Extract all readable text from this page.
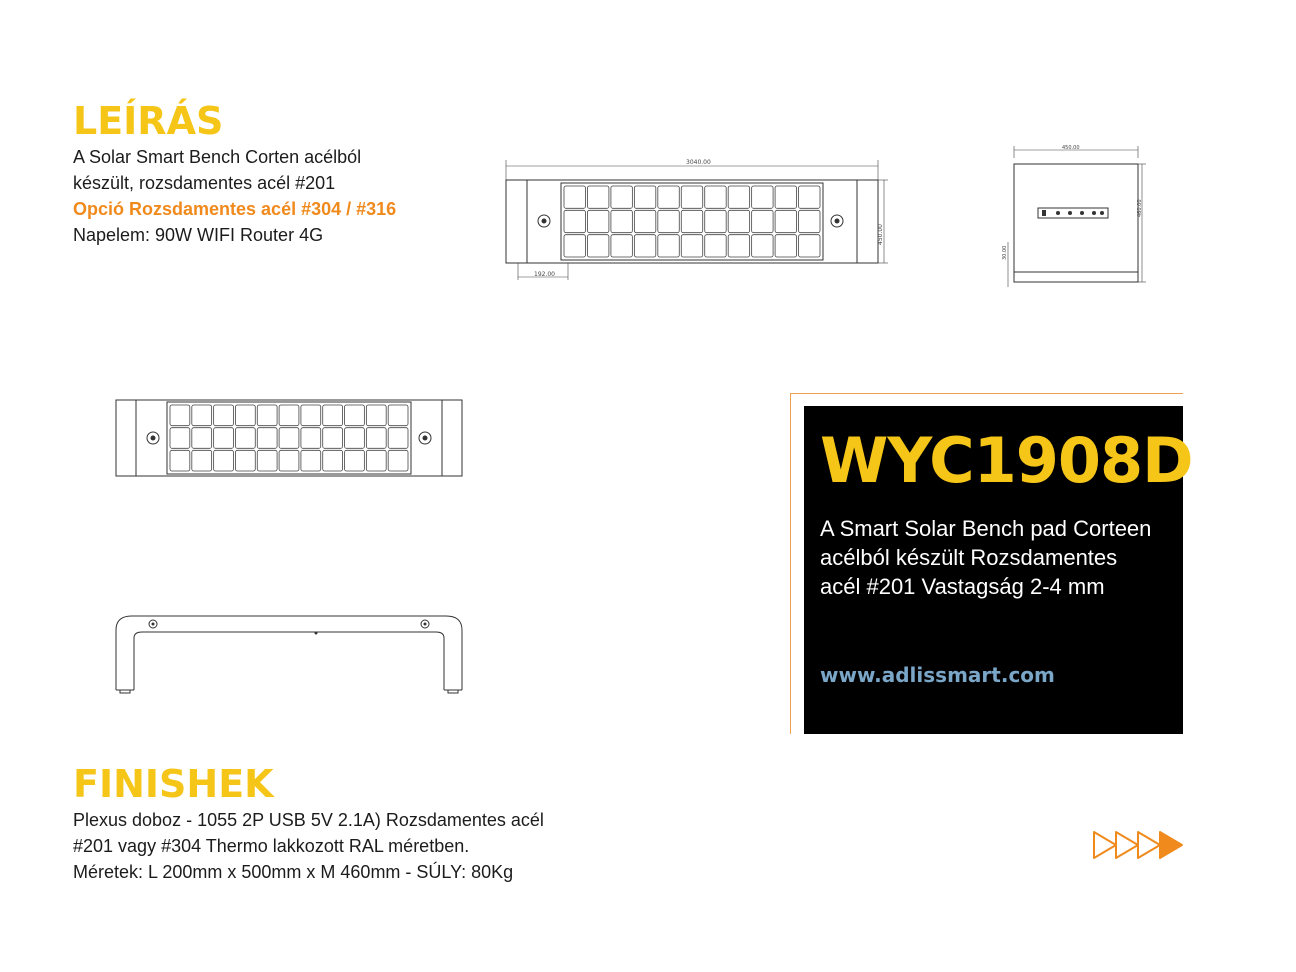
LEÍRÁS
A Solar Smart Bench Corten acélból
készült, rozsdamentes acél #201
Opció Rozsdamentes acél #304 / #316
Napelem: 90W WIFI Router 4G
3040.00
450.00
192.00
450.00
460.00
30.00
WYC1908D
A Smart Solar Bench pad Corteen
acélból készült Rozsdamentes
acél #201 Vastagság 2-4 mm
www.adlissmart.com
FINISHEK
Plexus doboz - 1055 2P USB 5V 2.1A) Rozsdamentes acél
#201 vagy #304 Thermo lakkozott RAL méretben.
Méretek: L 200mm x 500mm x M 460mm - SÚLY: 80Kg
